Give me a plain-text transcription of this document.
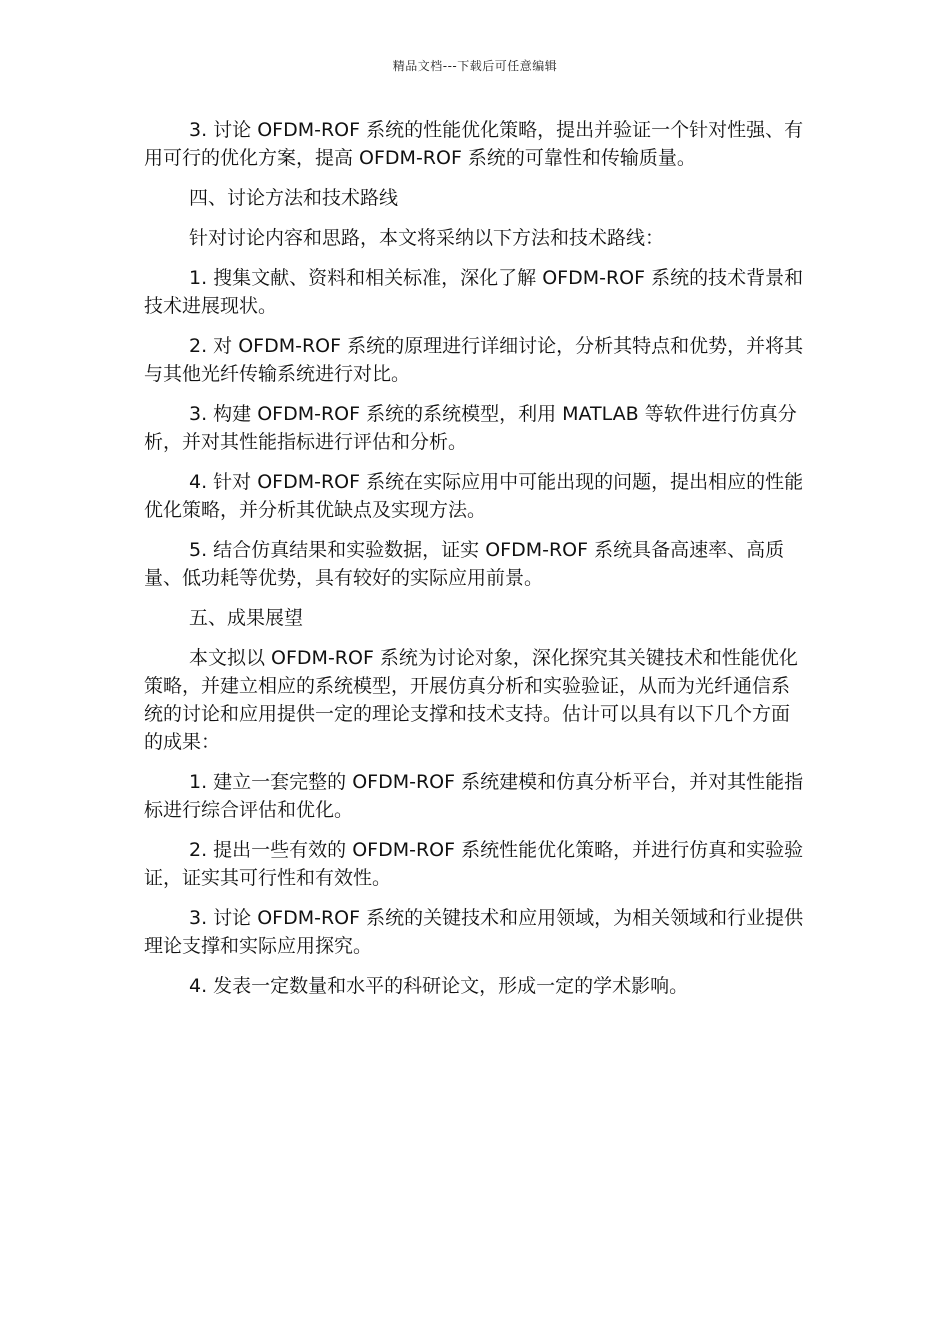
精品文档---下载后可任意编辑

3. 讨论 OFDM-ROF 系统的性能优化策略，提出并验证一个针对性强、有用可行的优化方案，提高 OFDM-ROF 系统的可靠性和传输质量。

四、讨论方法和技术路线

针对讨论内容和思路，本文将采纳以下方法和技术路线：

1. 搜集文献、资料和相关标准，深化了解 OFDM-ROF 系统的技术背景和技术进展现状。

2. 对 OFDM-ROF 系统的原理进行详细讨论，分析其特点和优势，并将其与其他光纤传输系统进行对比。

3. 构建 OFDM-ROF 系统的系统模型，利用 MATLAB 等软件进行仿真分析，并对其性能指标进行评估和分析。

4. 针对 OFDM-ROF 系统在实际应用中可能出现的问题，提出相应的性能优化策略，并分析其优缺点及实现方法。

5. 结合仿真结果和实验数据，证实 OFDM-ROF 系统具备高速率、高质量、低功耗等优势，具有较好的实际应用前景。

五、成果展望

本文拟以 OFDM-ROF 系统为讨论对象，深化探究其关键技术和性能优化策略，并建立相应的系统模型，开展仿真分析和实验验证，从而为光纤通信系统的讨论和应用提供一定的理论支撑和技术支持。估计可以具有以下几个方面的成果：

1. 建立一套完整的 OFDM-ROF 系统建模和仿真分析平台，并对其性能指标进行综合评估和优化。

2. 提出一些有效的 OFDM-ROF 系统性能优化策略，并进行仿真和实验验证，证实其可行性和有效性。

3. 讨论 OFDM-ROF 系统的关键技术和应用领域，为相关领域和行业提供理论支撑和实际应用探究。

4. 发表一定数量和水平的科研论文，形成一定的学术影响。
